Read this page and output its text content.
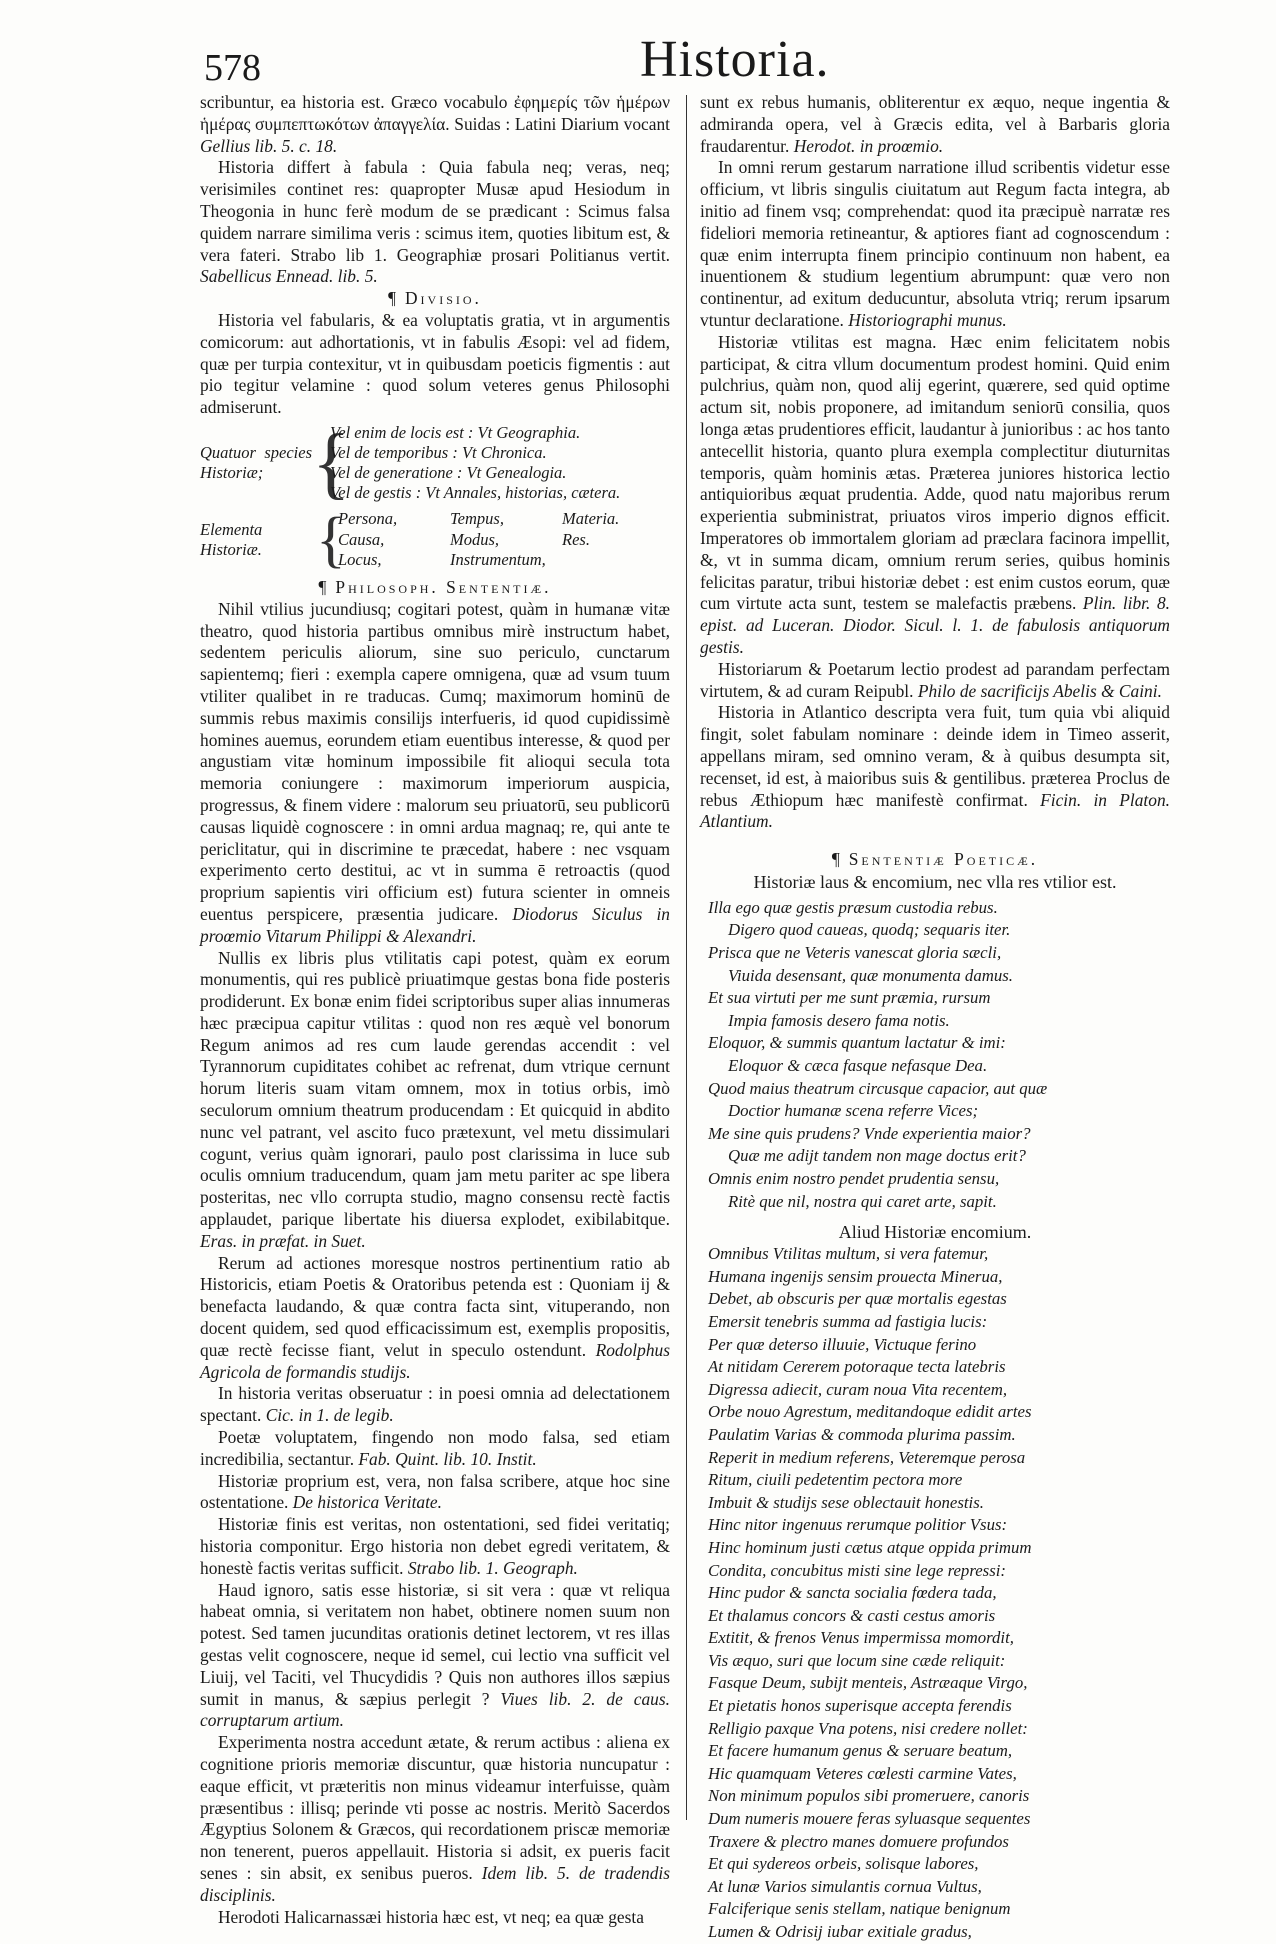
578	Historia.

scribuntur, ea historia est. Græco vocabulo ἐφημερίς τῶν ἡμέρων ἡμέρας συμπεπτωκότων ἀπαγγελία. Suidas : Latini Diarium vocant Gellius lib. 5. c. 18.

Historia differt à fabula : Quia fabula neq; veras, neq; verisimiles continet res: quapropter Musæ apud Hesiodum in Theogonia in hunc ferè modum de se prædicant : Scimus falsa quidem narrare similima veris : scimus item, quoties libitum est, & vera fateri. Strabo lib 1. Geographiæ prosari Politianus vertit. Sabellicus Ennead. lib. 5.

¶ Divisio.

Historia vel fabularis, & ea voluptatis gratia, vt in argumentis comicorum: aut adhortationis, vt in fabulis Æsopi: vel ad fidem, quæ per turpia contexitur, vt in quibusdam poeticis figmentis : aut pio tegitur velamine : quod solum veteres genus Philosophi admiserunt.

Quatuor species Historiæ; {
Vel enim de locis est : Vt Geographia.
Vel de temporibus : Vt Chronica.
Vel de generatione : Vt Genealogia.
Vel de gestis : Vt Annales, historias, cætera.
Elementa Historiæ. {
Persona,	Tempus,	Materia.
Causa,	Modus,	Res.
Locus,	Instrumentum,

¶ Philosoph. Sententiæ.

Nihil vtilius jucundiusq; cogitari potest, quàm in humanæ vitæ theatro, quod historia partibus omnibus mirè instructum habet, sedentem periculis aliorum, sine suo periculo, cunctarum sapientemq; fieri : exempla capere omnigena, quæ ad vsum tuum vtiliter qualibet in re traducas. Cumq; maximorum hominū de summis rebus maximis consilijs interfueris, id quod cupidissimè homines auemus, eorundem etiam euentibus interesse, & quod per angustiam vitæ hominum impossibile fit alioqui secula tota memoria coniungere : maximorum imperiorum auspicia, progressus, & finem videre : malorum seu priuatorū, seu publicorū causas liquidè cognoscere : in omni ardua magnaq; re, qui ante te periclitatur, qui in discrimine te præcedat, habere : nec vsquam experimento certo destitui, ac vt in summa ē retroactis (quod proprium sapientis viri officium est) futura scienter in omneis euentus perspicere, præsentia judicare. Diodorus Siculus in proœmio Vitarum Philippi & Alexandri.

Nullis ex libris plus vtilitatis capi potest, quàm ex eorum monumentis, qui res publicè priuatimque gestas bona fide posteris prodiderunt. Ex bonæ enim fidei scriptoribus super alias innumeras hæc præcipua capitur vtilitas : quod non res æquè vel bonorum Regum animos ad res cum laude gerendas accendit : vel Tyrannorum cupiditates cohibet ac refrenat, dum vtrique cernunt horum literis suam vitam omnem, mox in totius orbis, imò seculorum omnium theatrum producendam : Et quicquid in abdito nunc vel patrant, vel ascito fuco prætexunt, vel metu dissimulari cogunt, verius quàm ignorari, paulo post clarissima in luce sub oculis omnium traducendum, quam jam metu pariter ac spe libera posteritas, nec vllo corrupta studio, magno consensu rectè factis applaudet, parique libertate his diuersa explodet, exibilabitque. Eras. in præfat. in Suet.

Rerum ad actiones moresque nostros pertinentium ratio ab Historicis, etiam Poetis & Oratoribus petenda est : Quoniam ij & benefacta laudando, & quæ contra facta sint, vituperando, non docent quidem, sed quod efficacissimum est, exemplis propositis, quæ rectè fecisse fiant, velut in speculo ostendunt. Rodolphus Agricola de formandis studijs.

In historia veritas obseruatur : in poesi omnia ad delectationem spectant. Cic. in 1. de legib.

Poetæ voluptatem, fingendo non modo falsa, sed etiam incredibilia, sectantur. Fab. Quint. lib. 10. Instit.

Historiæ proprium est, vera, non falsa scribere, atque hoc sine ostentatione. De historica Veritate.

Historiæ finis est veritas, non ostentationi, sed fidei veritatiq; historia componitur. Ergo historia non debet egredi veritatem, & honestè factis veritas sufficit. Strabo lib. 1. Geograph.

Haud ignoro, satis esse historiæ, si sit vera : quæ vt reliqua habeat omnia, si veritatem non habet, obtinere nomen suum non potest. Sed tamen jucunditas orationis detinet lectorem, vt res illas gestas velit cognoscere, neque id semel, cui lectio vna sufficit vel Liuij, vel Taciti, vel Thucydidis ? Quis non authores illos sæpius sumit in manus, & sæpius perlegit ? Viues lib. 2. de caus. corruptarum artium.

Experimenta nostra accedunt ætate, & rerum actibus : aliena ex cognitione prioris memoriæ discuntur, quæ historia nuncupatur : eaque efficit, vt præteritis non minus videamur interfuisse, quàm præsentibus : illisq; perinde vti posse ac nostris. Meritò Sacerdos Ægyptius Solonem & Græcos, qui recordationem priscæ memoriæ non tenerent, pueros appellauit. Historia si adsit, ex pueris facit senes : sin absit, ex senibus pueros. Idem lib. 5. de tradendis disciplinis.

Herodoti Halicarnassæi historia hæc est, vt neq; ea quæ gesta

sunt ex rebus humanis, obliterentur ex æquo, neque ingentia & admiranda opera, vel à Græcis edita, vel à Barbaris gloria fraudarentur. Herodot. in proœmio.

In omni rerum gestarum narratione illud scribentis videtur esse officium, vt libris singulis ciuitatum aut Regum facta integra, ab initio ad finem vsq; comprehendat: quod ita præcipuè narratæ res fideliori memoria retineantur, & aptiores fiant ad cognoscendum : quæ enim interrupta finem principio continuum non habent, ea inuentionem & studium legentium abrumpunt: quæ vero non continentur, ad exitum deducuntur, absoluta vtriq; rerum ipsarum vtuntur declaratione. Historiographi munus.

Historiæ vtilitas est magna. Hæc enim felicitatem nobis participat, & citra vllum documentum prodest homini. Quid enim pulchrius, quàm non, quod alij egerint, quærere, sed quid optime actum sit, nobis proponere, ad imitandum seniorū consilia, quos longa ætas prudentiores efficit, laudantur à junioribus : ac hos tanto antecellit historia, quanto plura exempla complectitur diuturnitas temporis, quàm hominis ætas. Præterea juniores historica lectio antiquioribus æquat prudentia. Adde, quod natu majoribus rerum experientia subministrat, priuatos viros imperio dignos efficit. Imperatores ob immortalem gloriam ad præclara facinora impellit, &, vt in summa dicam, omnium rerum series, quibus hominis felicitas paratur, tribui historiæ debet : est enim custos eorum, quæ cum virtute acta sunt, testem se malefactis præbens. Plin. libr. 8. epist. ad Luceran. Diodor. Sicul. l. 1. de fabulosis antiquorum gestis.

Historiarum & Poetarum lectio prodest ad parandam perfectam virtutem, & ad curam Reipubl. Philo de sacrificijs Abelis & Caini.

Historia in Atlantico descripta vera fuit, tum quia vbi aliquid fingit, solet fabulam nominare : deinde idem in Timeo asserit, appellans miram, sed omnino veram, & à quibus desumpta sit, recenset, id est, à maioribus suis & gentilibus. præterea Proclus de rebus Æthiopum hæc manifestè confirmat. Ficin. in Platon. Atlantium.

¶ Sententiæ Poeticæ.

Historiæ laus & encomium, nec vlla res vtilior est.

Illa ego quæ gestis præsum custodia rebus.
Digero quod caueas, quodq; sequaris iter.
Prisca que ne Veteris vanescat gloria sæcli,
Viuida desensant, quæ monumenta damus.
Et sua virtuti per me sunt præmia, rursum
Impia famosis desero fama notis.
Eloquor, & summis quantum lactatur & imi:
Eloquor & cæca fasque nefasque Dea.
Quod maius theatrum circusque capacior, aut quæ
Doctior humanæ scena referre Vices;
Me sine quis prudens? Vnde experientia maior?
Quæ me adijt tandem non mage doctus erit?
Omnis enim nostro pendet prudentia sensu,
Ritè que nil, nostra qui caret arte, sapit.

Aliud Historiæ encomium.

Omnibus Vtilitas multum, si vera fatemur,
Humana ingenijs sensim prouecta Minerua,
Debet, ab obscuris per quæ mortalis egestas
Emersit tenebris summa ad fastigia lucis:
Per quæ deterso illuuie, Victuque ferino
At nitidam Cererem potoraque tecta latebris
Digressa adiecit, curam noua Vita recentem,
Orbe nouo Agrestum, meditandoque edidit artes
Paulatim Varias & commoda plurima passim.
Reperit in medium referens, Veteremque perosa
Ritum, ciuili pedetentim pectora more
Imbuit & studijs sese oblectauit honestis.
Hinc nitor ingenuus rerumque politior Vsus:
Hinc hominum justi cætus atque oppida primum
Condita, concubitus misti sine lege repressi:
Hinc pudor & sancta socialia fœdera tada,
Et thalamus concors & casti cestus amoris
Extitit, & frenos Venus impermissa momordit,
Vis æquo, suri que locum sine cæde reliquit:
Fasque Deum, subijt menteis, Astræaque Virgo,
Et pietatis honos superisque accepta ferendis
Relligio paxque Vna potens, nisi credere nollet:
Et facere humanum genus & seruare beatum,
Hic quamquam Veteres cœlesti carmine Vates,
Non minimum populos sibi promeruere, canoris
Dum numeris mouere feras syluasque sequentes
Traxere & plectro manes domuere profundos
Et qui sydereos orbeis, solisque labores,
At lunæ Varios simulantis cornua Vultus,
Falciferique senis stellam, natique benignum
Lumen & Odrisij iubar exitiale gradus,
